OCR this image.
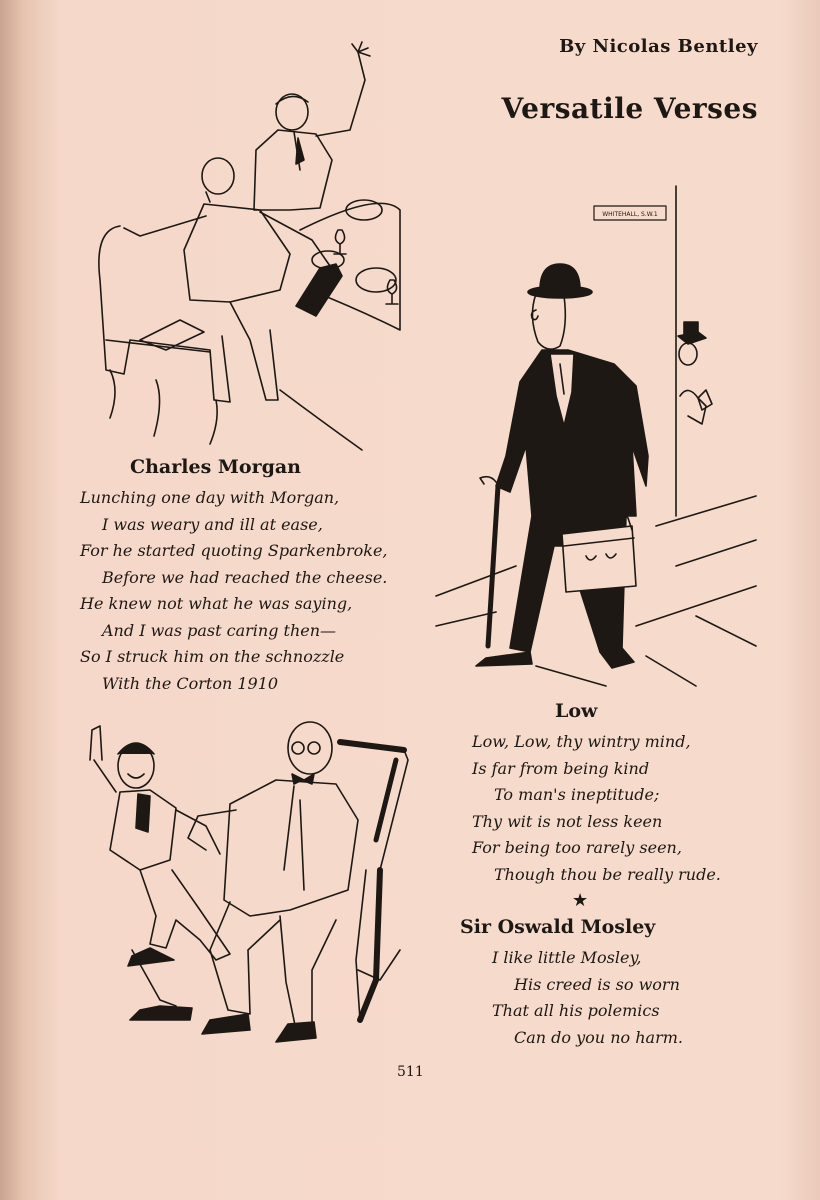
By Nicolas Bentley
Versatile Verses
WHITEHALL, S.W.1
Charles Morgan
Lunching one day with Morgan,
I was weary and ill at ease,
For he started quoting Sparkenbroke,
Before we had reached the cheese.
He knew not what he was saying,
And I was past caring then—
So I struck him on the schnozzle
With the Corton 1910
Low
Low, Low, thy wintry mind,
Is far from being kind
To man's ineptitude;
Thy wit is not less keen
For being too rarely seen,
Though thou be really rude.
★
Sir Oswald Mosley
I like little Mosley,
His creed is so worn
That all his polemics
Can do you no harm.
511
